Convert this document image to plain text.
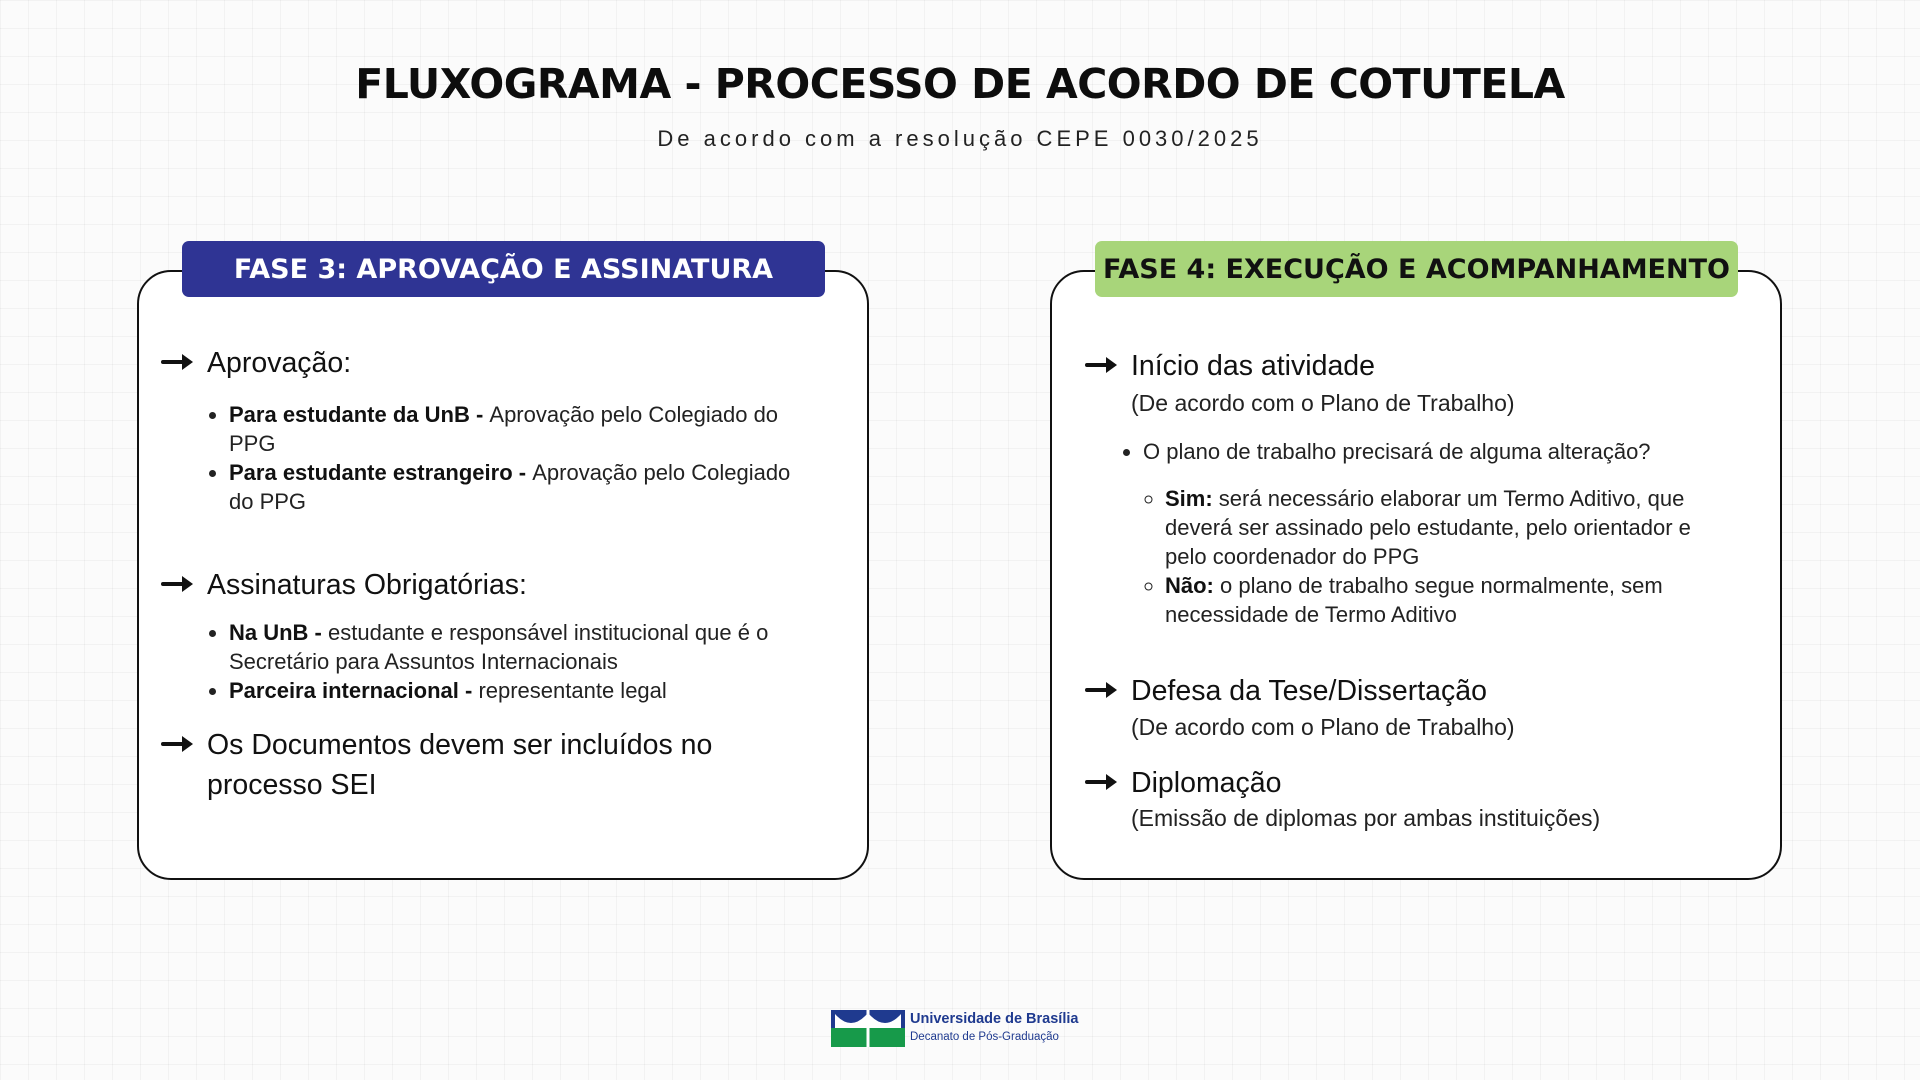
FLUXOGRAMA - PROCESSO DE ACORDO DE COTUTELA
De acordo com a resolução CEPE 0030/2025
FASE 3: APROVAÇÃO E ASSINATURA
Aprovação:
• Para estudante da UnB - Aprovação pelo Colegiado do PPG
• Para estudante estrangeiro - Aprovação pelo Colegiado do PPG
Assinaturas Obrigatórias:
• Na UnB - estudante e responsável institucional que é o Secretário para Assuntos Internacionais
• Parceira internacional - representante legal
Os Documentos devem ser incluídos no processo SEI
FASE 4: EXECUÇÃO E ACOMPANHAMENTO
Início das atividade
(De acordo com o Plano de Trabalho)
• O plano de trabalho precisará de alguma alteração?
◦ Sim: será necessário elaborar um Termo Aditivo, que deverá ser assinado pelo estudante, pelo orientador e pelo coordenador do PPG
◦ Não: o plano de trabalho segue normalmente, sem necessidade de Termo Aditivo
Defesa da Tese/Dissertação
(De acordo com o Plano de Trabalho)
Diplomação
(Emissão de diplomas por ambas instituições)
Universidade de Brasília
Decanato de Pós-Graduação
